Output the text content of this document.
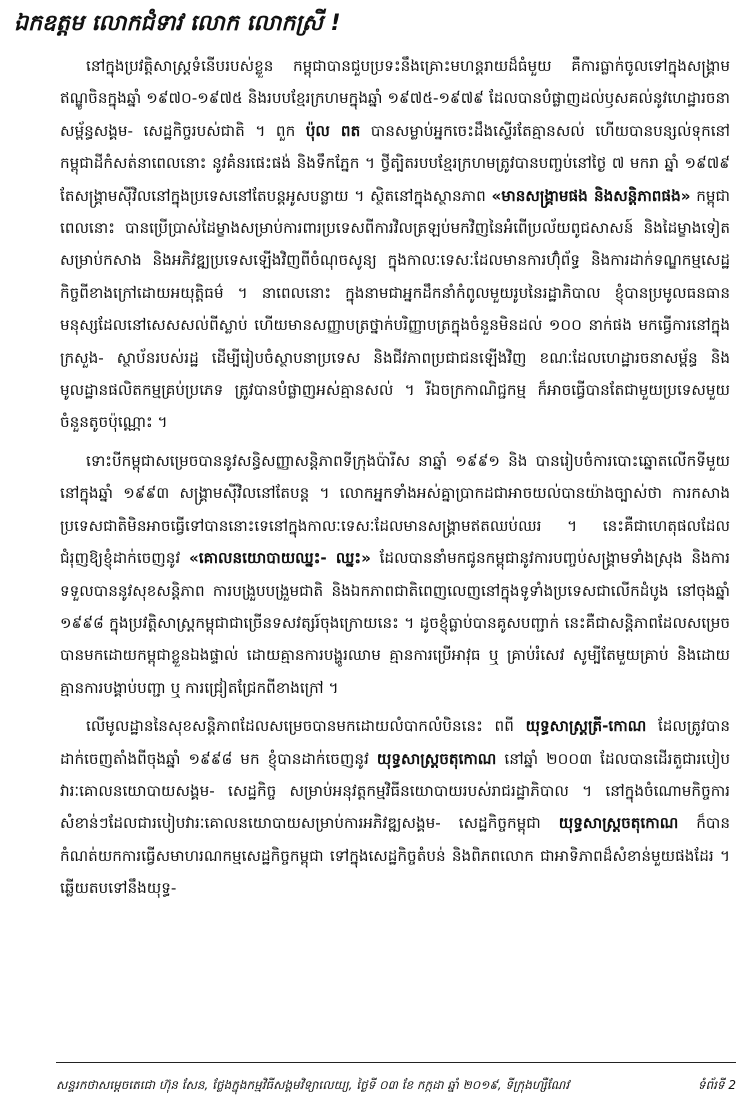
ឯកឧត្តម លោកជំទាវ លោក លោកស្រី !

នៅក្នុងប្រវត្តិសាស្ត្រទំនើបរបស់ខ្លួន កម្ពុជាបានជួបប្រទះនឹងគ្រោះមហន្តរាយដ៏ធំមួយ គឺការធ្លាក់ចូលទៅក្នុងសង្គ្រាមឥណ្ឌូចិនក្នុងឆ្នាំ ១៩៧០-១៩៧៥ និងរបបខ្មែរក្រហមក្នុងឆ្នាំ ១៩៧៥-១៩៧៩ ដែលបានបំផ្លាញដល់ឫសគល់នូវហេដ្ឋារចនាសម្ព័ន្ធសង្គម- សេដ្ឋកិច្ចរបស់ជាតិ ។ ពួក ប៉ុល ពត បានសម្លាប់អ្នកចេះដឹងស្ទើរតែគ្មានសល់ ហើយបានបន្សល់ទុកនៅកម្ពុជាដីកំសត់នាពេលនោះ នូវគំនរផេះផង់ និងទឹកភ្នែក ។ ថ្វីត្បិតរបបខ្មែរក្រហមត្រូវបានបញ្ចប់នៅថ្ងៃ ៧ មករា ឆ្នាំ ១៩៧៩ តែសង្គ្រាមស៊ីវិលនៅក្នុងប្រទេសនៅតែបន្តអូសបន្លាយ ។ ស្ថិតនៅក្នុងស្ថានភាព «មានសង្គ្រាមផង និងសន្តិភាពផង» កម្ពុជាពេលនោះ បានប្រើប្រាស់ដៃម្ខាងសម្រាប់ការពារប្រទេសពីការវិលត្រឡប់មកវិញនៃអំពើប្រល័យពូជសាសន៍ និងដៃម្ខាងទៀតសម្រាប់កសាង និងអភិវឌ្ឍប្រទេសឡើងវិញពីចំណុចសូន្យ ក្នុងកាលៈទេសៈដែលមានការហ៊ុំព័ទ្ធ និងការដាក់ទណ្ឌកម្មសេដ្ឋកិច្ចពីខាងក្រៅដោយអយុត្តិធម៌ ។ នាពេលនោះ ក្នុងនាមជាអ្នកដឹកនាំកំពូលមួយរូបនៃរដ្ឋាភិបាល ខ្ញុំបានប្រមូលធនធានមនុស្សដែលនៅសេសសល់ពីស្លាប់ ហើយមានសញ្ញាបត្រថ្នាក់បរិញ្ញាបត្រក្នុងចំនួនមិនដល់ ១០០ នាក់ផង មកធ្វើការនៅក្នុងក្រសួង- ស្ថាប័នរបស់រដ្ឋ ដើម្បីរៀបចំស្ថាបនាប្រទេស និងជីវភាពប្រជាជនឡើងវិញ ខណៈដែលហេដ្ឋារចនាសម្ព័ន្ធ និងមូលដ្ឋានផលិតកម្មគ្រប់ប្រភេទ ត្រូវបានបំផ្លាញអស់គ្មានសល់ ។ រីឯចក្រកាណិជ្ជកម្ម ក៏អាចធ្វើបានតែជាមួយប្រទេសមួយចំនួនតូចប៉ុណ្ណោះ ។

ទោះបីកម្ពុជាសម្រេចបាននូវសន្ធិសញ្ញាសន្តិភាពទីក្រុងប៉ារីស នាឆ្នាំ ១៩៩១ និង បានរៀបចំការបោះឆ្នោតលើកទីមួយនៅក្នុងឆ្នាំ ១៩៩៣ សង្គ្រាមស៊ីវិលនៅតែបន្ត ។ លោកអ្នកទាំងអស់គ្នាប្រាកដជាអាចយល់បានយ៉ាងច្បាស់ថា ការកសាងប្រទេសជាតិមិនអាចធ្វើទៅបាននោះទេនៅក្នុងកាលៈទេសៈដែលមានសង្គ្រាមឥតឈប់ឈរ ។ នេះគឺជាហេតុផលដែលជំរុញឱ្យខ្ញុំដាក់ចេញនូវ «គោលនយោបាយឈ្នះ- ឈ្នះ» ដែលបាននាំមកជូនកម្ពុជានូវការបញ្ចប់សង្គ្រាមទាំងស្រុង និងការទទួលបាននូវសុខសន្តិភាព ការបង្រួបបង្រួមជាតិ និងឯកភាពជាតិពេញលេញនៅក្នុងទូទាំងប្រទេសជាលើកដំបូង នៅចុងឆ្នាំ ១៩៩៨ ក្នុងប្រវត្តិសាស្ត្រកម្ពុជាជាច្រើនទសវត្សរ៍ចុងក្រោយនេះ ។ ដូចខ្ញុំធ្លាប់បានគូសបញ្ជាក់ នេះគឺជាសន្តិភាពដែលសម្រេចបានមកដោយកម្ពុជាខ្លួនឯងផ្ទាល់ ដោយគ្មានការបង្ហូរឈាម គ្មានការប្រើអាវុធ ឬ គ្រាប់រំសេវ សូម្បីតែមួយគ្រាប់ និងដោយគ្មានការបង្គាប់បញ្ជា ឬ ការជ្រៀតជ្រែកពីខាងក្រៅ ។

លើមូលដ្ឋាននៃសុខសន្តិភាពដែលសម្រេចបានមកដោយលំបាកលំបិននេះ ពពី យុទ្ធសាស្ត្រត្រី-កោណ ដែលត្រូវបានដាក់ចេញតាំងពីចុងឆ្នាំ ១៩៩៨ មក ខ្ញុំបានដាក់ចេញនូវ យុទ្ធសាស្ត្រចតុកោណ នៅឆ្នាំ ២០០៣ ដែលបានដើរតួជារបៀបវារៈគោលនយោបាយសង្គម- សេដ្ឋកិច្ច សម្រាប់អនុវត្តកម្មវិធីនយោបាយរបស់រាជរដ្ឋាភិបាល ។ នៅក្នុងចំណោមកិច្ចការសំខាន់ៗដែលជារបៀបវារៈគោលនយោបាយសម្រាប់ការអភិវឌ្ឍសង្គម- សេដ្ឋកិច្ចកម្ពុជា យុទ្ធសាស្ត្រចតុកោណ ក៏បានកំណត់យកការធ្វើសមាហរណកម្មសេដ្ឋកិច្ចកម្ពុជា ទៅក្នុងសេដ្ឋកិច្ចតំបន់ និងពិភពលោក ជាអាទិភាពដ៏សំខាន់មួយផងដែរ ។ ឆ្លើយតបទៅនឹងយុទ្ធ-

សន្ទរកថាសម្តេចតេជោ ហ៊ុន សែន, ថ្លែងក្នុងកម្មវិធីសង្គមវិទ្យាលេយ្យ, ថ្ងៃទី ០៣ ខែ កក្កដា ឆ្នាំ ២០១៩, ទីក្រុងហ្សឺណែវ	ទំព័រទី 2
